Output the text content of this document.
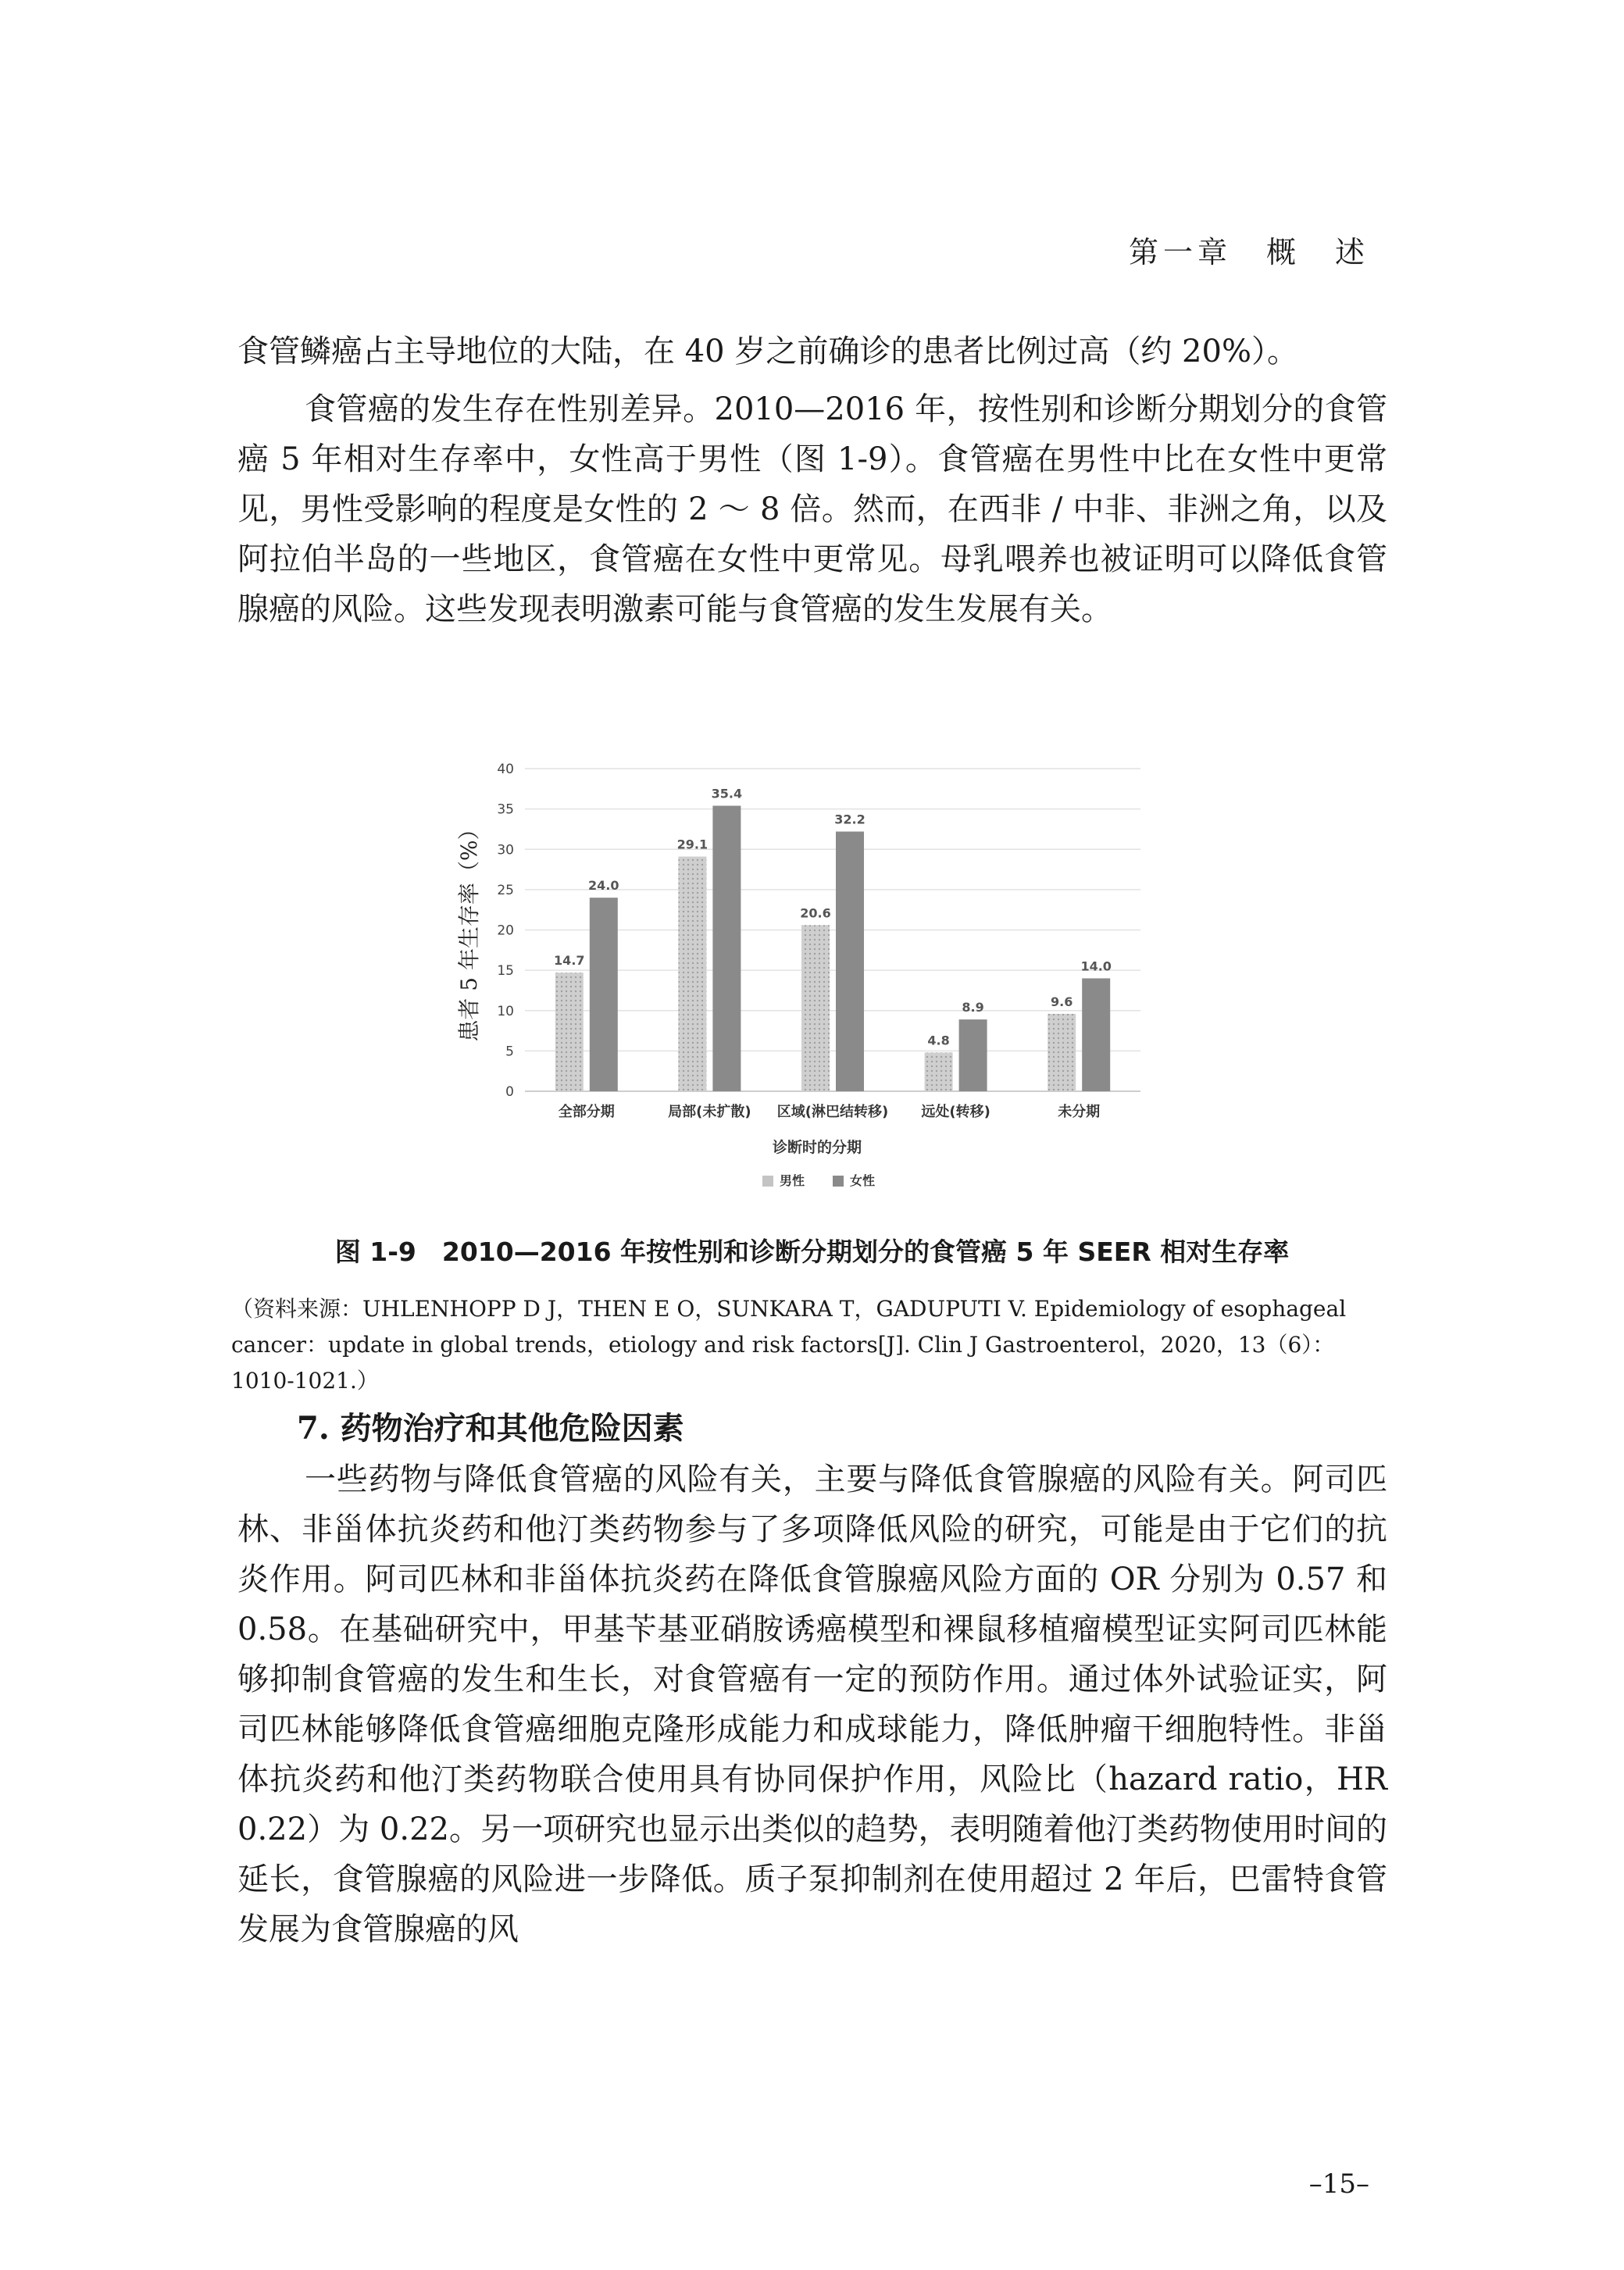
第一章　概　述

食管鳞癌占主导地位的大陆，在 40 岁之前确诊的患者比例过高（约 20%）。

食管癌的发生存在性别差异。2010—2016 年，按性别和诊断分期划分的食管癌 5 年相对生存率中，女性高于男性（图 1-9）。食管癌在男性中比在女性中更常见，男性受影响的程度是女性的 2 ～ 8 倍。然而，在西非 / 中非、非洲之角，以及阿拉伯半岛的一些地区，食管癌在女性中更常见。母乳喂养也被证明可以降低食管腺癌的风险。这些发现表明激素可能与食管癌的发生发展有关。

0
5
10
15
20
25
30
35
40
14.7
24.0
全部分期
29.1
35.4
局部(未扩散)
20.6
32.2
区域(淋巴结转移)
4.8
8.9
远处(转移)
9.6
14.0
未分期
患者 5 年生存率（%）
诊断时的分期
男性	女性
图 1-9　2010—2016 年按性别和诊断分期划分的食管癌 5 年 SEER 相对生存率

（资料来源：UHLENHOPP D J，THEN E O，SUNKARA T，GADUPUTI V. Epidemiology of esophageal cancer：update in global trends，etiology and risk factors[J]. Clin J Gastroenterol，2020，13（6）：1010-1021.）

7. 药物治疗和其他危险因素

一些药物与降低食管癌的风险有关，主要与降低食管腺癌的风险有关。阿司匹林、非甾体抗炎药和他汀类药物参与了多项降低风险的研究，可能是由于它们的抗炎作用。阿司匹林和非甾体抗炎药在降低食管腺癌风险方面的 OR 分别为 0.57 和 0.58。在基础研究中，甲基苄基亚硝胺诱癌模型和裸鼠移植瘤模型证实阿司匹林能够抑制食管癌的发生和生长，对食管癌有一定的预防作用。通过体外试验证实，阿司匹林能够降低食管癌细胞克隆形成能力和成球能力，降低肿瘤干细胞特性。非甾体抗炎药和他汀类药物联合使用具有协同保护作用，风险比（hazard ratio，HR 0.22）为 0.22。另一项研究也显示出类似的趋势，表明随着他汀类药物使用时间的延长，食管腺癌的风险进一步降低。质子泵抑制剂在使用超过 2 年后，巴雷特食管发展为食管腺癌的风

–15–
